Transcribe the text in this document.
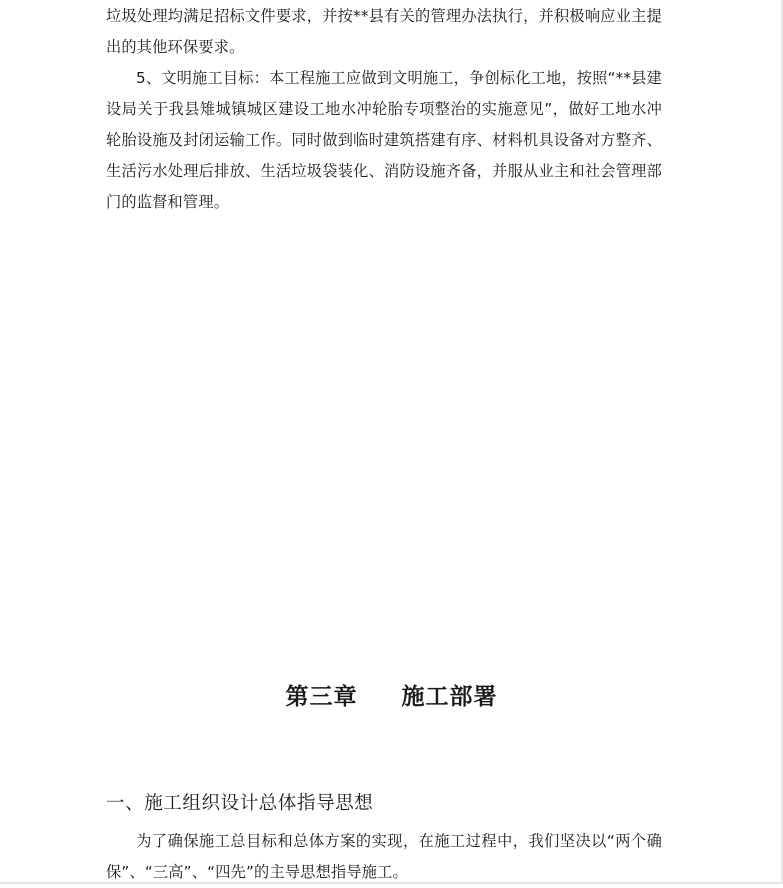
垃圾处理均满足招标文件要求，并按**县有关的管理办法执行，并积极响应业主提出的其他环保要求。

5、文明施工目标：本工程施工应做到文明施工，争创标化工地，按照“**县建设局关于我县雉城镇城区建设工地水冲轮胎专项整治的实施意见”，做好工地水冲轮胎设施及封闭运输工作。同时做到临时建筑搭建有序、材料机具设备对方整齐、生活污水处理后排放、生活垃圾袋装化、消防设施齐备，并服从业主和社会管理部门的监督和管理。

第三章 施工部署
一、施工组织设计总体指导思想

为了确保施工总目标和总体方案的实现，在施工过程中，我们坚决以“两个确保”、“三高”、“四先”的主导思想指导施工。
